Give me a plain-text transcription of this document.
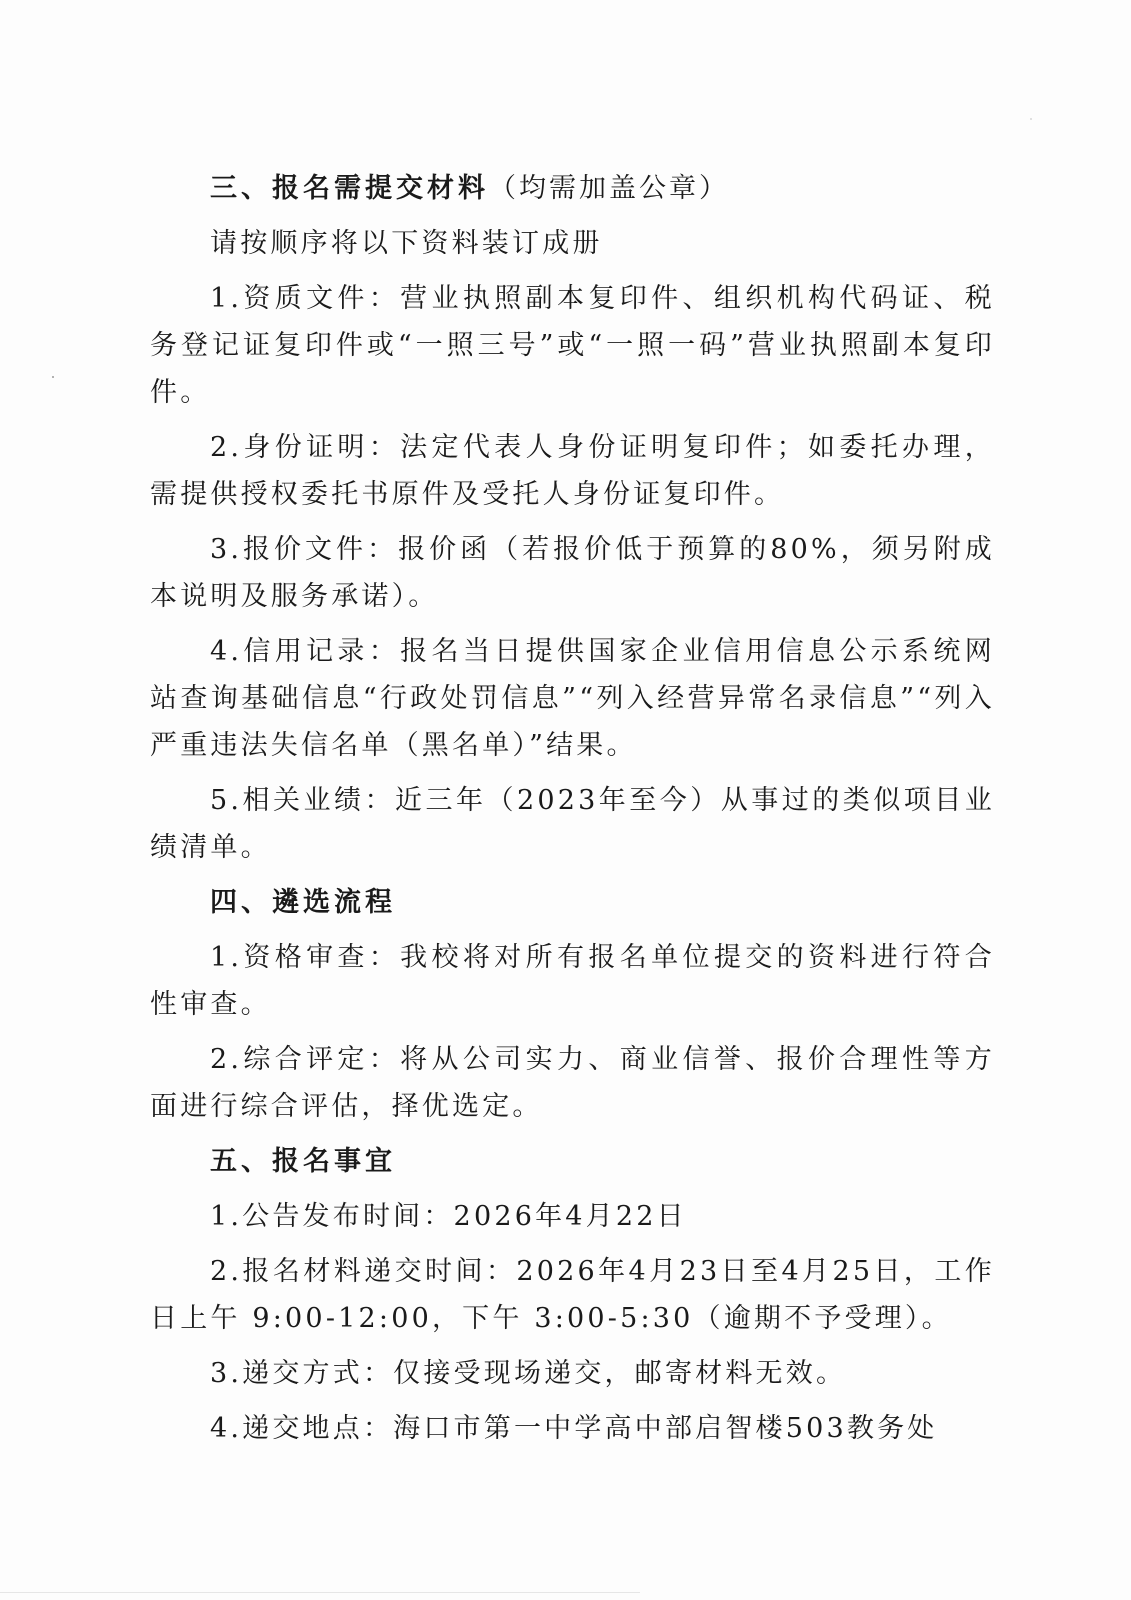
三、报名需提交材料（均需加盖公章）

请按顺序将以下资料装订成册

1.资质文件：营业执照副本复印件、组织机构代码证、税务登记证复印件或“一照三号”或“一照一码”营业执照副本复印件。

2.身份证明：法定代表人身份证明复印件；如委托办理，需提供授权委托书原件及受托人身份证复印件。

3.报价文件：报价函（若报价低于预算的80%，须另附成本说明及服务承诺）。

4.信用记录：报名当日提供国家企业信用信息公示系统网站查询基础信息“行政处罚信息”“列入经营异常名录信息”“列入严重违法失信名单（黑名单）”结果。

5.相关业绩：近三年（2023年至今）从事过的类似项目业绩清单。

四、遴选流程

1.资格审查：我校将对所有报名单位提交的资料进行符合性审查。

2.综合评定：将从公司实力、商业信誉、报价合理性等方面进行综合评估，择优选定。

五、报名事宜

1.公告发布时间：2026年4月22日

2.报名材料递交时间：2026年4月23日至4月25日，工作日上午 9:00-12:00，下午 3:00-5:30（逾期不予受理）。

3.递交方式：仅接受现场递交，邮寄材料无效。

4.递交地点：海口市第一中学高中部启智楼503教务处
